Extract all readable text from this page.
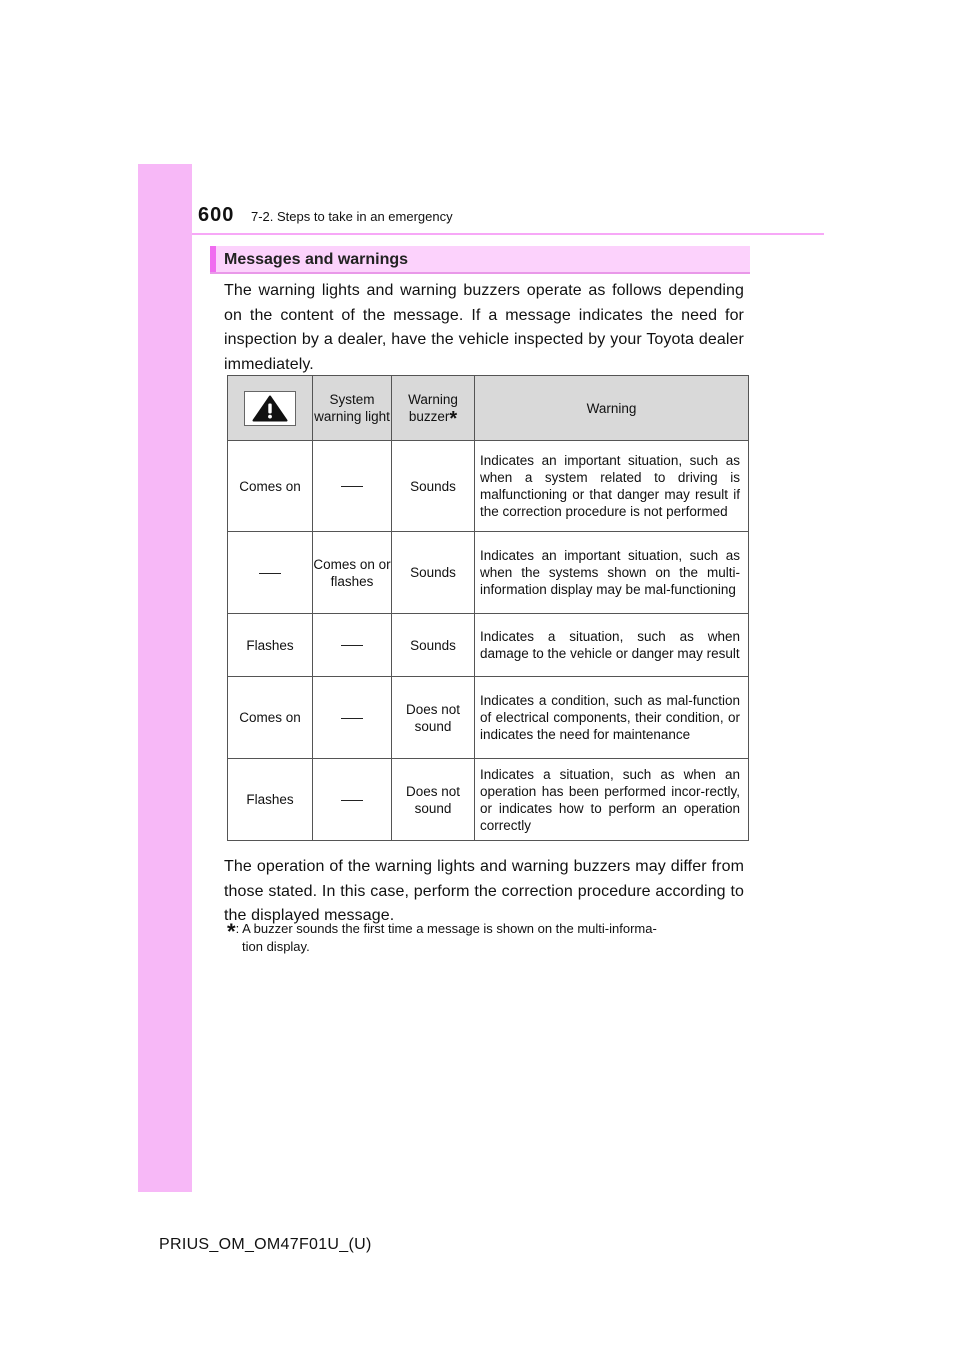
600 7-2. Steps to take in an emergency
Messages and warnings

The warning lights and warning buzzers operate as follows depending on the content of the message. If a message indicates the need for inspection by a dealer, have the vehicle inspected by your Toyota dealer immediately.

	System warning light	Warning buzzer*	Warning
Comes on		Sounds	Indicates an important situation, such as when a system related to driving is malfunctioning or that danger may result if the correction procedure is not performed
	Comes on or flashes	Sounds	Indicates an important situation, such as when the systems shown on the multi-information display may be mal-functioning
Flashes		Sounds	Indicates a situation, such as when damage to the vehicle or danger may result
Comes on		Does not sound	Indicates a condition, such as mal-function of electrical components, their condition, or indicates the need for maintenance
Flashes		Does not sound	Indicates a situation, such as when an operation has been performed incor-rectly, or indicates how to perform an operation correctly

The operation of the warning lights and warning buzzers may differ from those stated. In this case, perform the correction procedure according to the displayed message.

*: A buzzer sounds the first time a message is shown on the multi-informa-
tion display.
PRIUS_OM_OM47F01U_(U)
